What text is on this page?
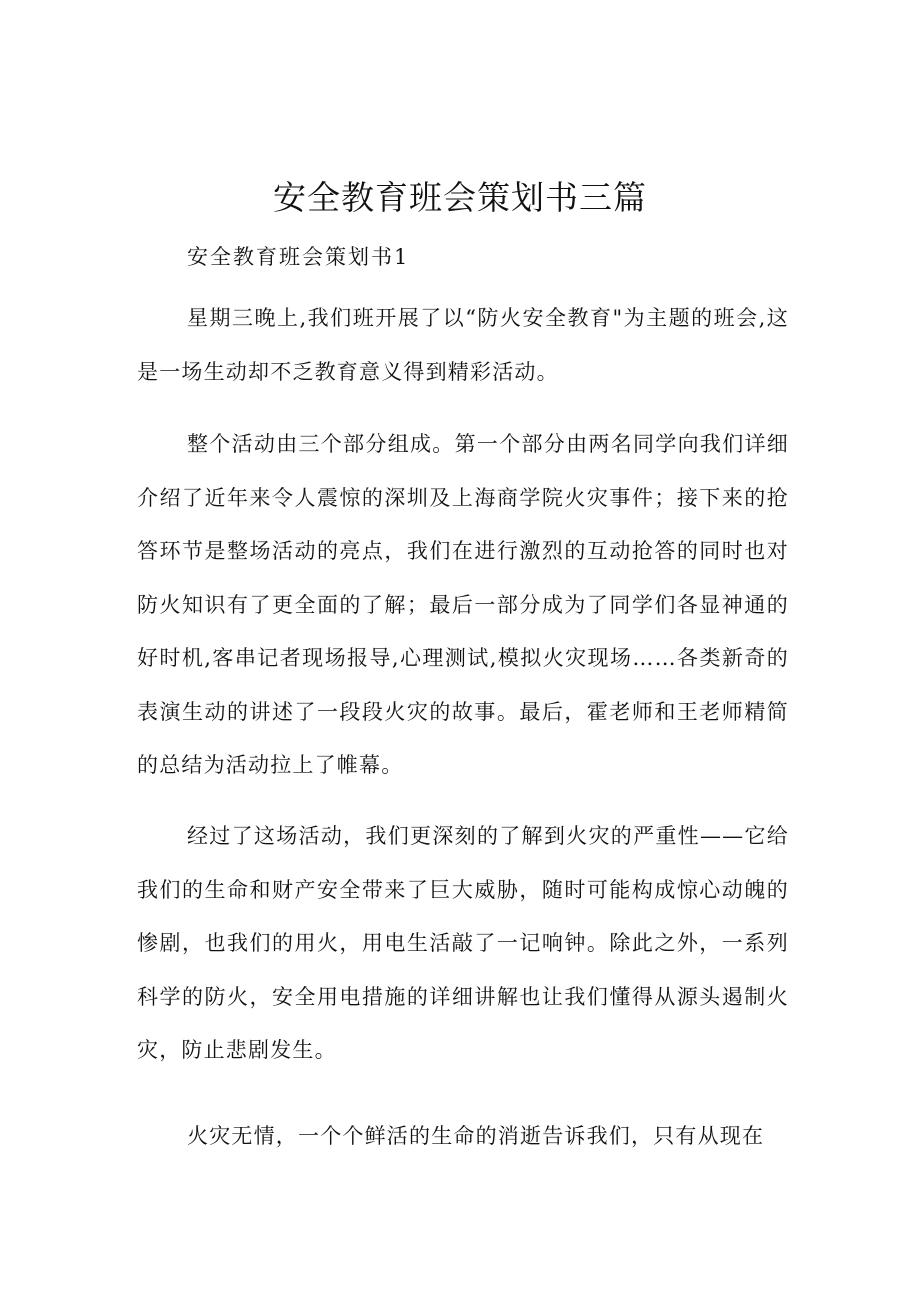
安全教育班会策划书三篇

安全教育班会策划书1

星期三晚上,我们班开展了以“防火安全教育"为主题的班会,这是一场生动却不乏教育意义得到精彩活动。

整个活动由三个部分组成。第一个部分由两名同学向我们详细介绍了近年来令人震惊的深圳及上海商学院火灾事件；接下来的抢答环节是整场活动的亮点，我们在进行激烈的互动抢答的同时也对防火知识有了更全面的了解；最后一部分成为了同学们各显神通的好时机,客串记者现场报导,心理测试,模拟火灾现场……各类新奇的表演生动的讲述了一段段火灾的故事。最后，霍老师和王老师精简的总结为活动拉上了帷幕。

经过了这场活动，我们更深刻的了解到火灾的严重性——它给我们的生命和财产安全带来了巨大威胁，随时可能构成惊心动魄的惨剧，也我们的用火，用电生活敲了一记响钟。除此之外，一系列科学的防火，安全用电措施的详细讲解也让我们懂得从源头遏制火灾，防止悲剧发生。

火灾无情，一个个鲜活的生命的消逝告诉我们，只有从现在
